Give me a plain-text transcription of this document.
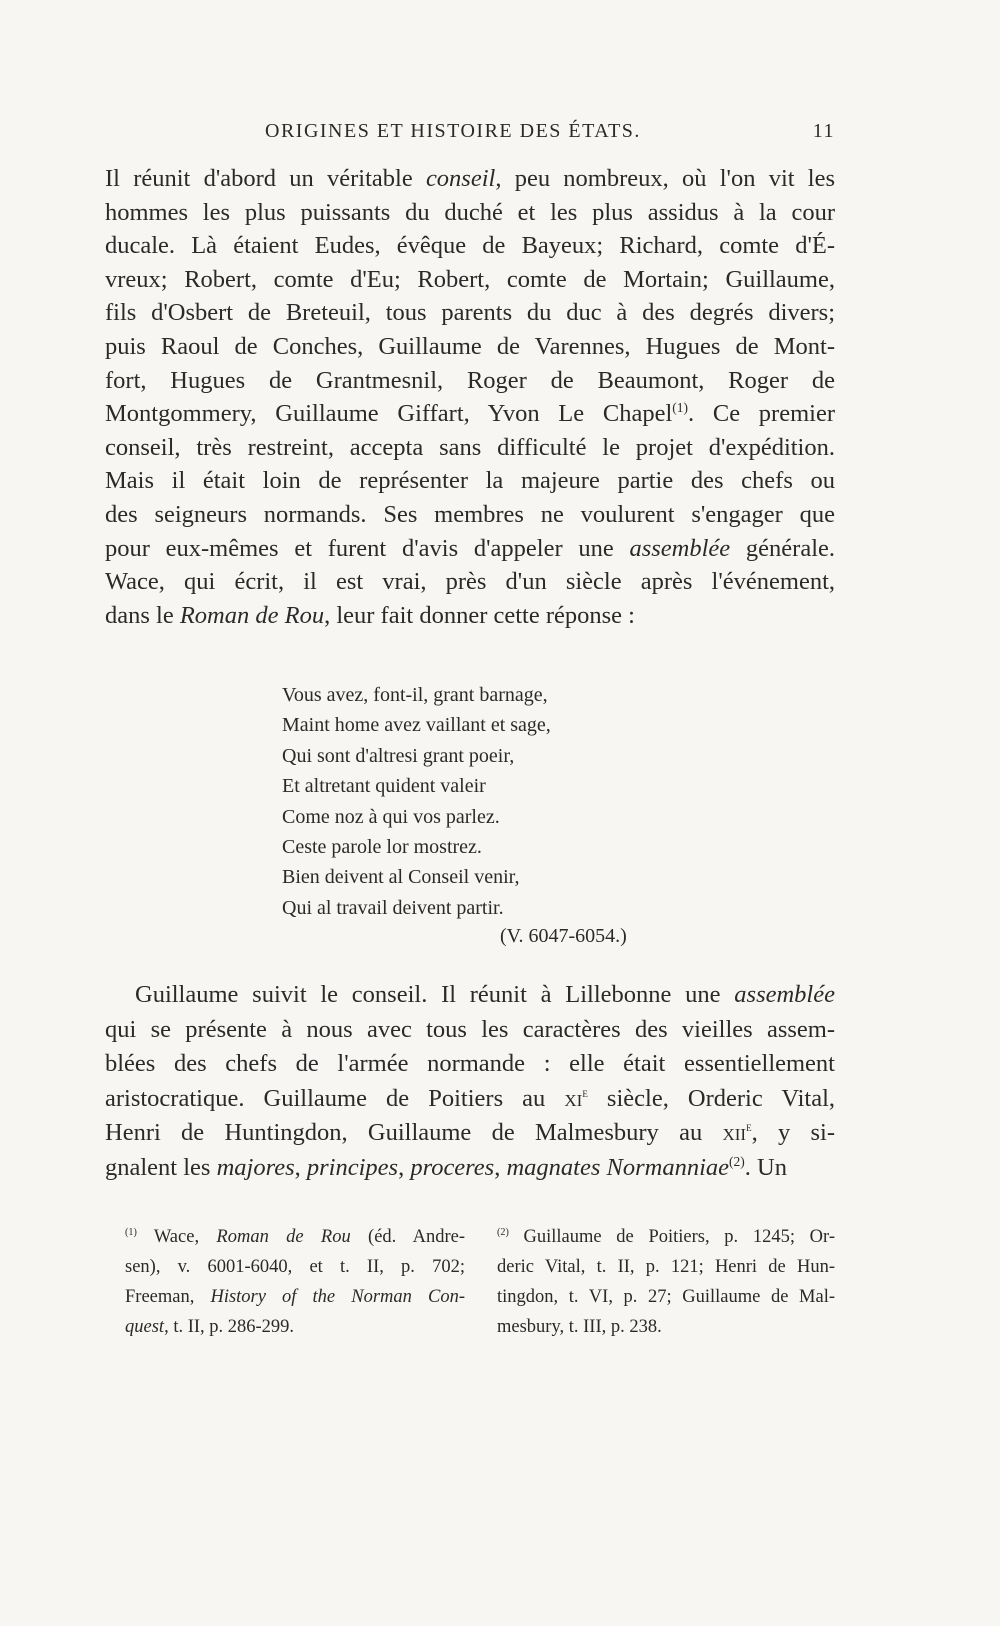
ORIGINES ET HISTOIRE DES ÉTATS.	11
Il réunit d'abord un véritable conseil, peu nombreux, où l'on vit les
hommes les plus puissants du duché et les plus assidus à la cour
ducale. Là étaient Eudes, évêque de Bayeux; Richard, comte d'É-
vreux; Robert, comte d'Eu; Robert, comte de Mortain; Guillaume,
fils d'Osbert de Breteuil, tous parents du duc à des degrés divers;
puis Raoul de Conches, Guillaume de Varennes, Hugues de Mont-
fort, Hugues de Grantmesnil, Roger de Beaumont, Roger de
Montgommery, Guillaume Giffart, Yvon Le Chapel$^{(1)}$. Ce premier
conseil, très restreint, accepta sans difficulté le projet d'expédition.
Mais il était loin de représenter la majeure partie des chefs ou
des seigneurs normands. Ses membres ne voulurent s'engager que
pour eux-mêmes et furent d'avis d'appeler une assemblée générale.
Wace, qui écrit, il est vrai, près d'un siècle après l'événement,
dans le Roman de Rou, leur fait donner cette réponse :
Vous avez, font-il, grant barnage,
Maint home avez vaillant et sage,
Qui sont d'altresi grant poeir,
Et altretant quident valeir
Come noz à qui vos parlez.
Ceste parole lor mostrez.
Bien deivent al Conseil venir,
Qui al travail deivent partir.
(V. 6047-6054.)
Guillaume suivit le conseil. Il réunit à Lillebonne une assemblée
qui se présente à nous avec tous les caractères des vieilles assem-
blées des chefs de l'armée normande : elle était essentiellement
aristocratique. Guillaume de Poitiers au $xi^e$ siècle, Orderic Vital,
Henri de Huntingdon, Guillaume de Malmesbury au xii$^e$, y si-
gnalent les majores, principes, proceres, magnates Normanniae$^{(2)}$. Un
$^{(1)}$ Wace, Roman de Rou (éd. Andre-
sen), v. 6001-6040, et t. II, p. 702;
Freeman, History of the Norman Con-
quest, t. II, p. 286-299.
$^{(2)}$ Guillaume de Poitiers, p. 1245; Or-
deric Vital, t. II, p. 121; Henri de Hun-
tingdon, t. VI, p. 27; Guillaume de Mal-
mesbury, t. III, p. 238.
